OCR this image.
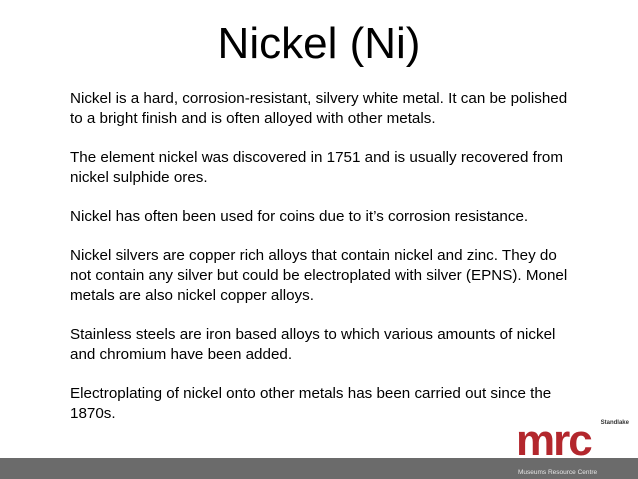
Nickel (Ni)

Nickel is a hard, corrosion-resistant, silvery white metal. It can be polished
to a bright finish and is often alloyed with other metals.

The element nickel was discovered in 1751 and is usually recovered from
nickel sulphide ores.

Nickel has often been used for coins due to it’s corrosion resistance.

Nickel silvers are copper rich alloys that contain nickel and zinc. They do
not contain any silver but could be electroplated with silver (EPNS). Monel
metals are also nickel copper alloys.

Stainless steels are iron based alloys to which various amounts of nickel
and chromium have been added.

Electroplating of nickel onto other metals has been carried out since the
1870s.

Standlake
mrc
Museums Resource Centre
